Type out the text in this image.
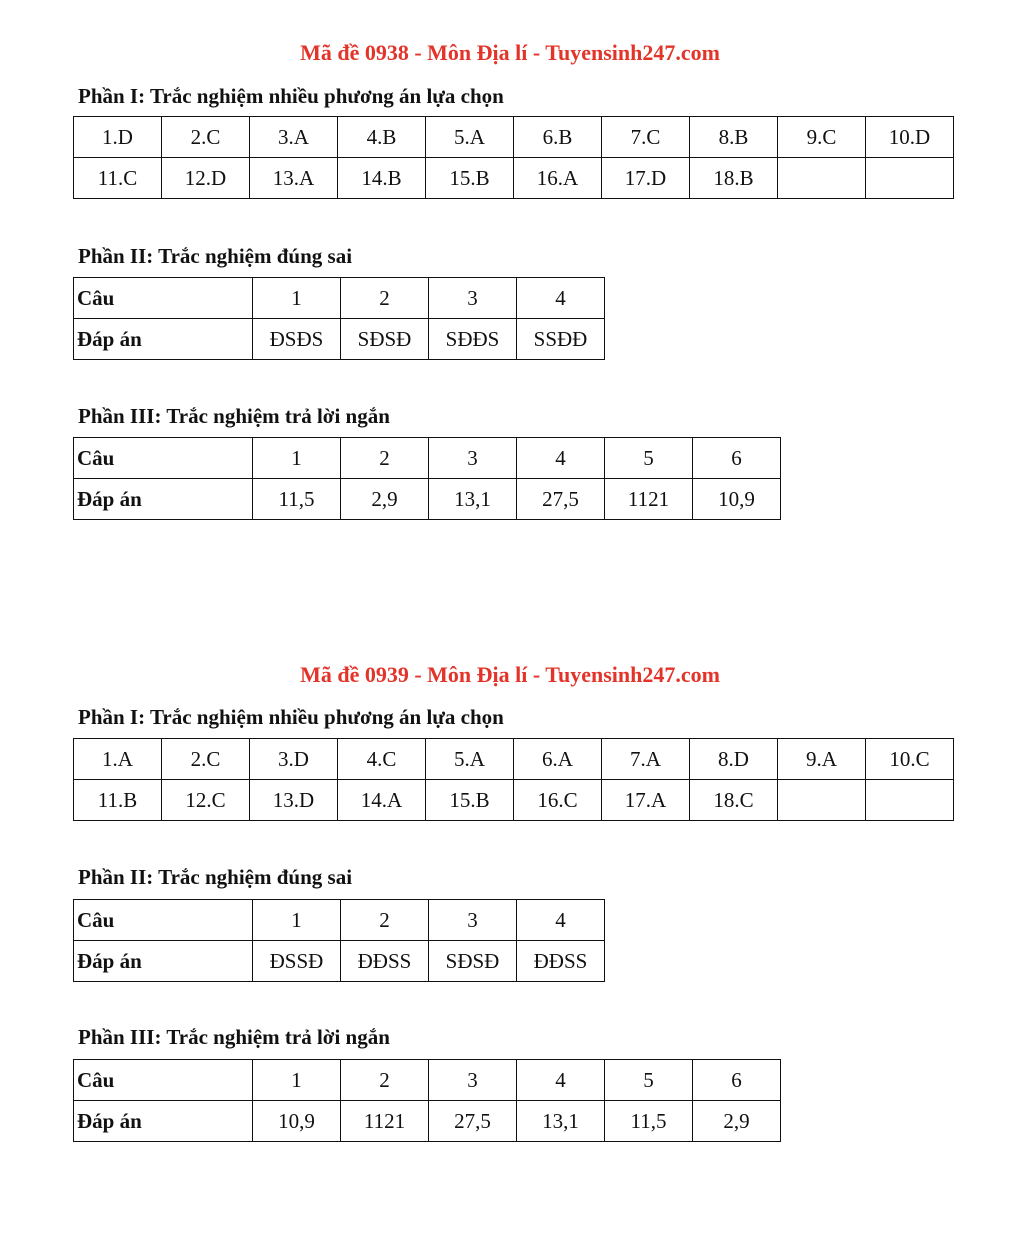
Mã đề 0938 - Môn Địa lí - Tuyensinh247.com
Phần I: Trắc nghiệm nhiều phương án lựa chọn
1.D	2.C	3.A	4.B	5.A	6.B	7.C	8.B	9.C	10.D
11.C	12.D	13.A	14.B	15.B	16.A	17.D	18.B		
Phần II: Trắc nghiệm đúng sai
Câu	1	2	3	4
Đáp án	ĐSĐS	SĐSĐ	SĐĐS	SSĐĐ
Phần III: Trắc nghiệm trả lời ngắn
Câu	1	2	3	4	5	6
Đáp án	11,5	2,9	13,1	27,5	1121	10,9
Mã đề 0939 - Môn Địa lí - Tuyensinh247.com
Phần I: Trắc nghiệm nhiều phương án lựa chọn
1.A	2.C	3.D	4.C	5.A	6.A	7.A	8.D	9.A	10.C
11.B	12.C	13.D	14.A	15.B	16.C	17.A	18.C		
Phần II: Trắc nghiệm đúng sai
Câu	1	2	3	4
Đáp án	ĐSSĐ	ĐĐSS	SĐSĐ	ĐĐSS
Phần III: Trắc nghiệm trả lời ngắn
Câu	1	2	3	4	5	6
Đáp án	10,9	1121	27,5	13,1	11,5	2,9
